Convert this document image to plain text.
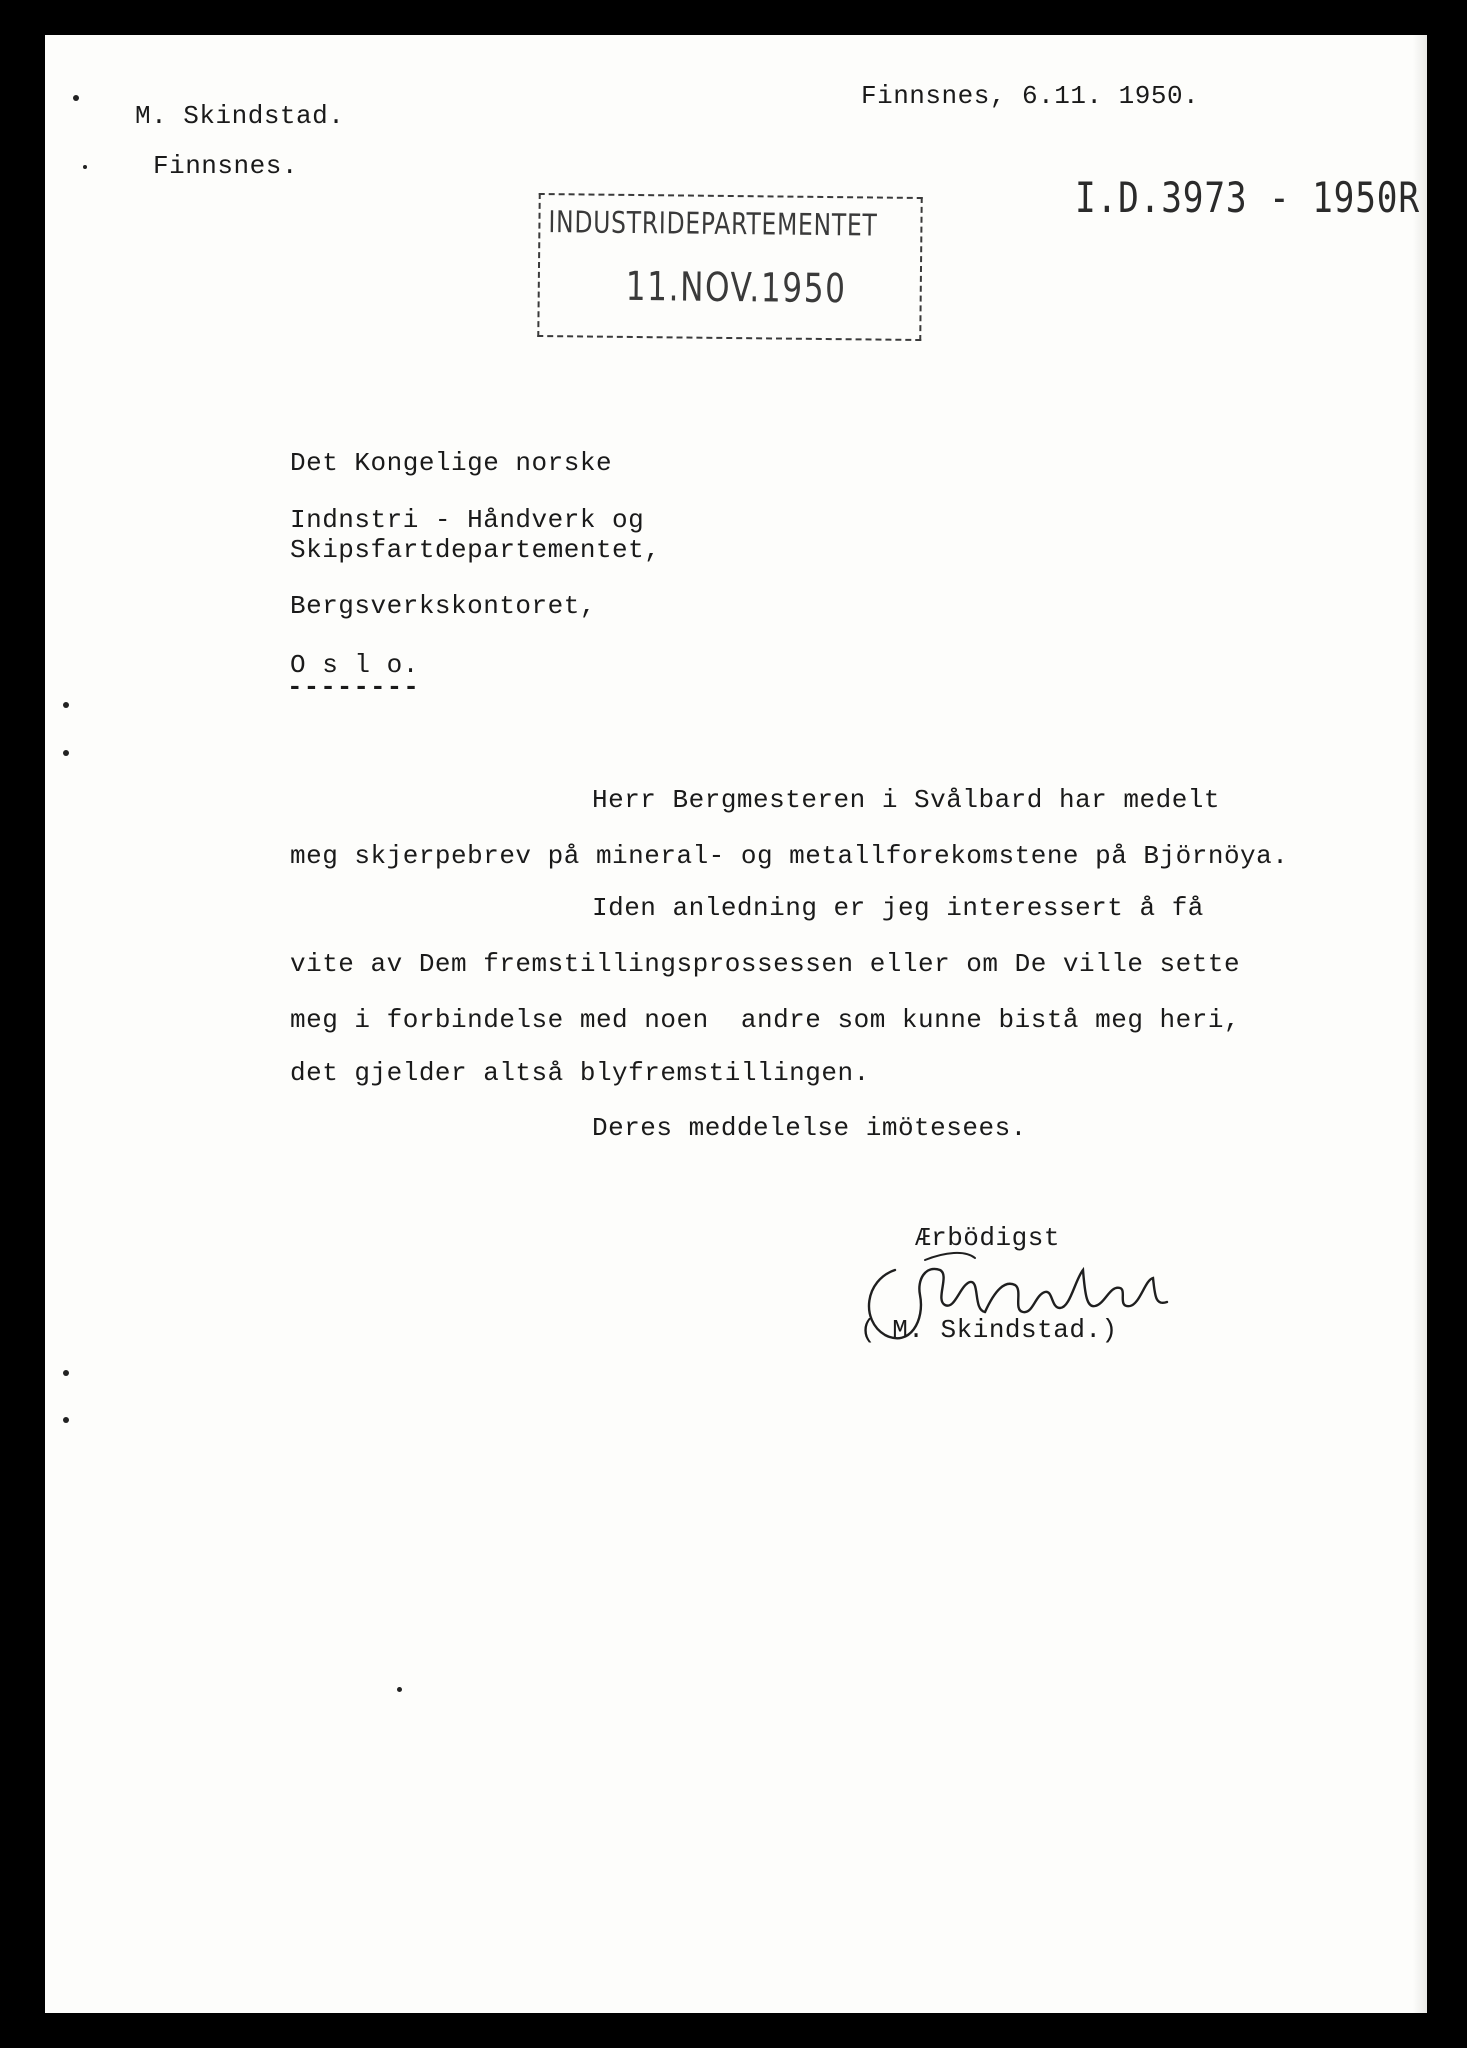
M. Skindstad.
Finnsnes.
Finnsnes, 6.11. 1950.
I.D.3973 - 1950R
INDUSTRIDEPARTEMENTET
11.NOV.1950
Det Kongelige norske
Indnstri - Håndverk og
Skipsfartdepartementet,
Bergsverkskontoret,
O s l o.
--------
Herr Bergmesteren i Svålbard har medelt
meg skjerpebrev på mineral- og metallforekomstene på Björnöya.
Iden anledning er jeg interessert å få
vite av Dem fremstillingsprossessen eller om De ville sette
meg i forbindelse med noen  andre som kunne bistå meg heri,
det gjelder altså blyfremstillingen.
Deres meddelelse imötesees.
Ærbödigst
( M. Skindstad.)
